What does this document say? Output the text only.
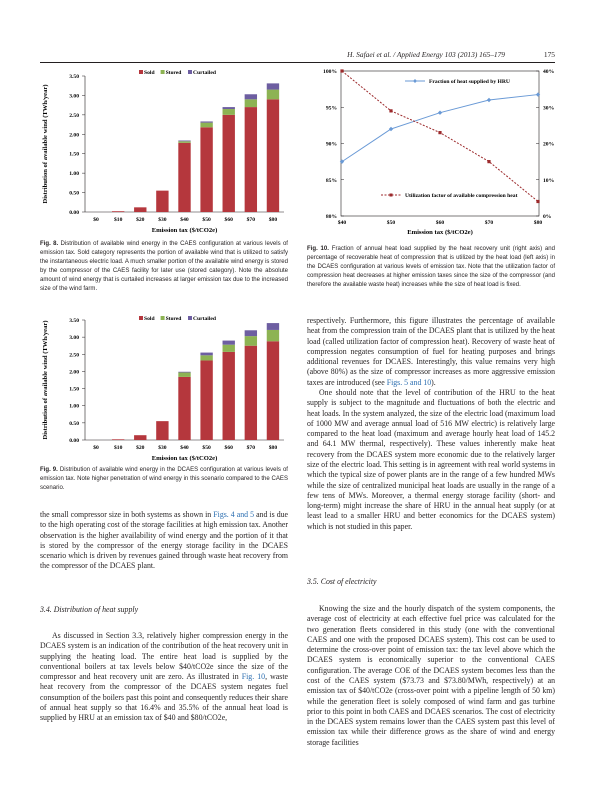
H. Safaei et al. / Applied Energy 103 (2013) 165–179	175
0.00
0.50
1.00
1.50
2.00
2.50
3.00
3.50
$0	$10 $20 $30 $40 $50 $60 $70 $80
Emission tax ($/tCO2e)
Distribution of available wind (TWh/year)
Sold Stored Curtailed
Fig. 8. Distribution of available wind energy in the CAES configuration at various levels of emission tax. Sold category represents the portion of available wind that is utilized to satisfy the instantaneous electric load. A much smaller portion of the available wind energy is stored by the compressor of the CAES facility for later use (stored category). Note the absolute amount of wind energy that is curtailed increases at larger emission tax due to the increased size of the wind farm.
80%
85%
90%
95%
100%
0%
10%
20%
30%
40%
$40	$50	$60	$70	$80
Emission tax ($/tCO2e)
Fraction of heat supplied by HRU
Utilization factor of available compression heat
Fig. 10. Fraction of annual heat load supplied by the heat recovery unit (right axis) and percentage of recoverable heat of compression that is utilized by the heat load (left axis) in the DCAES configuration at various levels of emission tax. Note that the utilization factor of compression heat decreases at higher emission taxes since the size of the compressor (and therefore the available waste heat) increases while the size of heat load is fixed.
0.00
0.50
1.00
1.50
2.00
2.50
3.00
3.50
$0	$10 $20 $30 $40 $50 $60 $70 $80
Emission tax ($/tCO2e)
Distribution of available wind (TWh/year)
Sold Stored Curtailed
Fig. 9. Distribution of available wind energy in the DCAES configuration at various levels of emission tax. Note higher penetration of wind energy in this scenario compared to the CAES scenario.

the small compressor size in both systems as shown in Figs. 4 and 5 and is due to the high operating cost of the storage facilities at high emission tax. Another observation is the higher availability of wind energy and the portion of it that is stored by the compressor of the energy storage facility in the DCAES scenario which is driven by revenues gained through waste heat recovery from the compressor of the DCAES plant.

3.4. Distribution of heat supply

As discussed in Section 3.3, relatively higher compression energy in the DCAES system is an indication of the contribution of the heat recovery unit in supplying the heating load. The entire heat load is supplied by the conventional boilers at tax levels below $40/tCO2e since the size of the compressor and heat recovery unit are zero. As illustrated in Fig. 10, waste heat recovery from the compressor of the DCAES system negates fuel consumption of the boilers past this point and consequently reduces their share of annual heat supply so that 16.4% and 35.5% of the annual heat load is supplied by HRU at an emission tax of $40 and $80/tCO2e,

respectively. Furthermore, this figure illustrates the percentage of available heat from the compression train of the DCAES plant that is utilized by the heat load (called utilization factor of compression heat). Recovery of waste heat of compression negates consumption of fuel for heating purposes and brings additional revenues for DCAES. Interestingly, this value remains very high (above 80%) as the size of compressor increases as more aggressive emission taxes are introduced (see Figs. 5 and 10).

One should note that the level of contribution of the HRU to the heat supply is subject to the magnitude and fluctuations of both the electric and heat loads. In the system analyzed, the size of the electric load (maximum load of 1000 MW and average annual load of 516 MW electric) is relatively large compared to the heat load (maximum and average hourly heat load of 145.2 and 64.1 MW thermal, respectively). These values inherently make heat recovery from the DCAES system more economic due to the relatively larger size of the electric load. This setting is in agreement with real world systems in which the typical size of power plants are in the range of a few hundred MWs while the size of centralized municipal heat loads are usually in the range of a few tens of MWs. Moreover, a thermal energy storage facility (short- and long-term) might increase the share of HRU in the annual heat supply (or at least lead to a smaller HRU and better economics for the DCAES system) which is not studied in this paper.

3.5. Cost of electricity

Knowing the size and the hourly dispatch of the system components, the average cost of electricity at each effective fuel price was calculated for the two generation fleets considered in this study (one with the conventional CAES and one with the proposed DCAES system). This cost can be used to determine the cross-over point of emission tax: the tax level above which the DCAES system is economically superior to the conventional CAES configuration. The average COE of the DCAES system becomes less than the cost of the CAES system ($73.73 and $73.80/MWh, respectively) at an emission tax of $40/tCO2e (cross-over point with a pipeline length of 50 km) while the generation fleet is solely composed of wind farm and gas turbine prior to this point in both CAES and DCAES scenarios. The cost of electricity in the DCAES system remains lower than the CAES system past this level of emission tax while their difference grows as the share of wind and energy storage facilities
